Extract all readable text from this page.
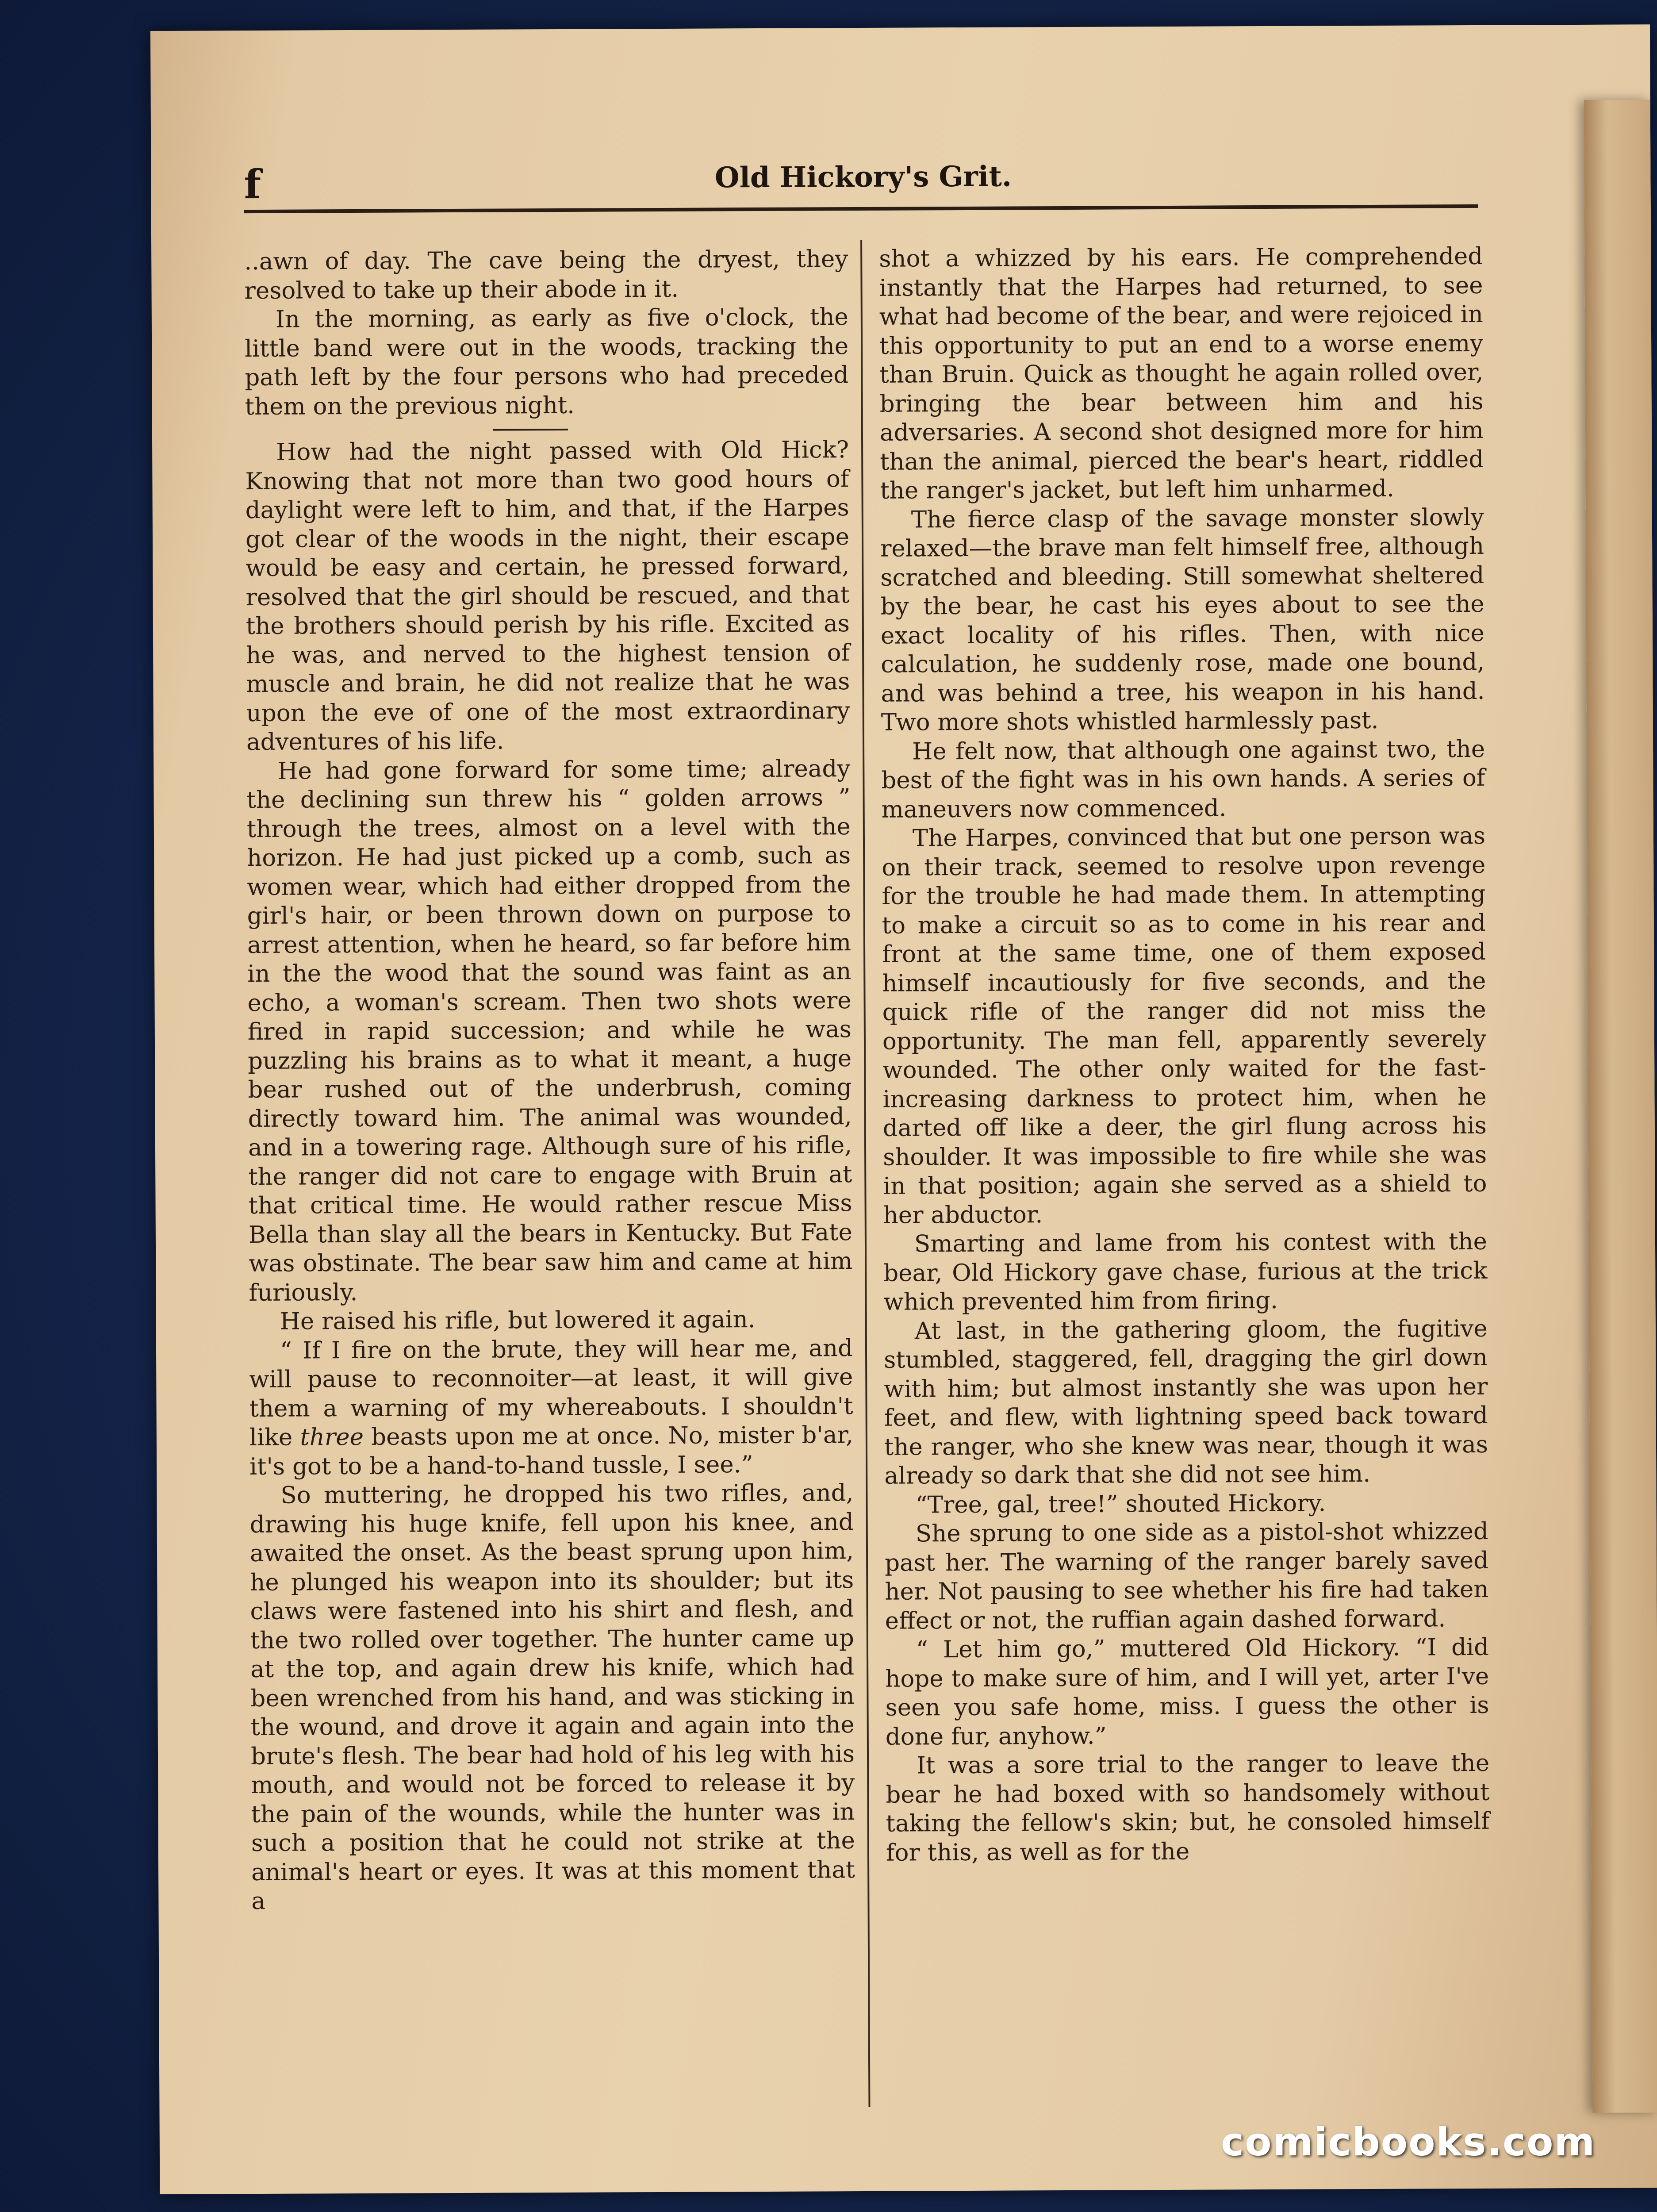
f	Old Hickory's Grit.

..awn of day. The cave being the dryest, they resolved to take up their abode in it.

In the morning, as early as five o'clock, the little band were out in the woods, tracking the path left by the four persons who had preceded them on the previous night.

How had the night passed with Old Hick? Knowing that not more than two good hours of daylight were left to him, and that, if the Harpes got clear of the woods in the night, their escape would be easy and certain, he pressed forward, resolved that the girl should be rescued, and that the brothers should perish by his rifle. Excited as he was, and nerved to the highest tension of muscle and brain, he did not realize that he was upon the eve of one of the most extraordinary adventures of his life.

He had gone forward for some time; already the declining sun threw his “ golden arrows ” through the trees, almost on a level with the horizon. He had just picked up a comb, such as women wear, which had either dropped from the girl's hair, or been thrown down on purpose to arrest attention, when he heard, so far before him in the the wood that the sound was faint as an echo, a woman's scream. Then two shots were fired in rapid succession; and while he was puzzling his brains as to what it meant, a huge bear rushed out of the underbrush, coming directly toward him. The animal was wounded, and in a towering rage. Although sure of his rifle, the ranger did not care to engage with Bruin at that critical time. He would rather rescue Miss Bella than slay all the bears in Kentucky. But Fate was obstinate. The bear saw him and came at him furiously.

He raised his rifle, but lowered it again.

“ If I fire on the brute, they will hear me, and will pause to reconnoiter—at least, it will give them a warning of my whereabouts. I shouldn't like three beasts upon me at once. No, mister b'ar, it's got to be a hand-to-hand tussle, I see.”

So muttering, he dropped his two rifles, and, drawing his huge knife, fell upon his knee, and awaited the onset. As the beast sprung upon him, he plunged his weapon into its shoulder; but its claws were fastened into his shirt and flesh, and the two rolled over together. The hunter came up at the top, and again drew his knife, which had been wrenched from his hand, and was sticking in the wound, and drove it again and again into the brute's flesh. The bear had hold of his leg with his mouth, and would not be forced to release it by the pain of the wounds, while the hunter was in such a position that he could not strike at the animal's heart or eyes. It was at this moment that a

shot a whizzed by his ears. He comprehended instantly that the Harpes had returned, to see what had become of the bear, and were rejoiced in this opportunity to put an end to a worse enemy than Bruin. Quick as thought he again rolled over, bringing the bear between him and his adversaries. A second shot designed more for him than the animal, pierced the bear's heart, riddled the ranger's jacket, but left him unharmed.

The fierce clasp of the savage monster slowly relaxed—the brave man felt himself free, although scratched and bleeding. Still somewhat sheltered by the bear, he cast his eyes about to see the exact locality of his rifles. Then, with nice calculation, he suddenly rose, made one bound, and was behind a tree, his weapon in his hand. Two more shots whistled harmlessly past.

He felt now, that although one against two, the best of the fight was in his own hands. A series of maneuvers now commenced.

The Harpes, convinced that but one person was on their track, seemed to resolve upon revenge for the trouble he had made them. In attempting to make a circuit so as to come in his rear and front at the same time, one of them exposed himself incautiously for five seconds, and the quick rifle of the ranger did not miss the opportunity. The man fell, apparently severely wounded. The other only waited for the fast-increasing darkness to protect him, when he darted off like a deer, the girl flung across his shoulder. It was impossible to fire while she was in that position; again she served as a shield to her abductor.

Smarting and lame from his contest with the bear, Old Hickory gave chase, furious at the trick which prevented him from firing.

At last, in the gathering gloom, the fugitive stumbled, staggered, fell, dragging the girl down with him; but almost instantly she was upon her feet, and flew, with lightning speed back toward the ranger, who she knew was near, though it was already so dark that she did not see him.

“Tree, gal, tree!” shouted Hickory.

She sprung to one side as a pistol-shot whizzed past her. The warning of the ranger barely saved her. Not pausing to see whether his fire had taken effect or not, the ruffian again dashed forward.

“ Let him go,” muttered Old Hickory. “I did hope to make sure of him, and I will yet, arter I've seen you safe home, miss. I guess the other is done fur, anyhow.”

It was a sore trial to the ranger to leave the bear he had boxed with so handsomely without taking the fellow's skin; but, he consoled himself for this, as well as for the

comicbooks.com
